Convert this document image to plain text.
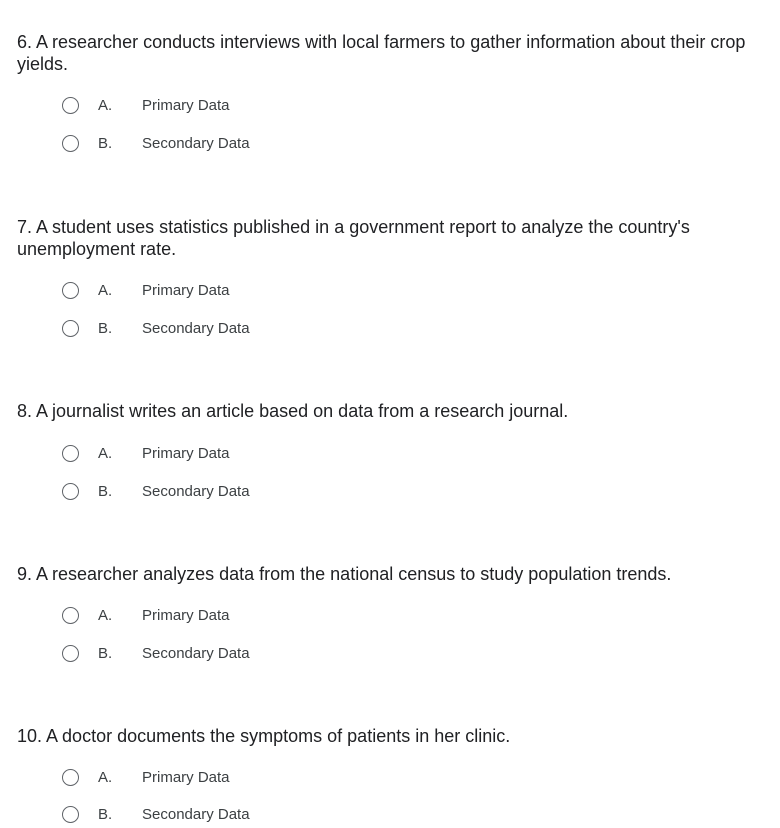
6. A researcher conducts interviews with local farmers to gather information about their crop yields.

A. Primary Data
B. Secondary Data

7. A student uses statistics published in a government report to analyze the country's unemployment rate.

A. Primary Data
B. Secondary Data

8. A journalist writes an article based on data from a research journal.

A. Primary Data
B. Secondary Data

9. A researcher analyzes data from the national census to study population trends.

A. Primary Data
B. Secondary Data

10. A doctor documents the symptoms of patients in her clinic.

A. Primary Data
B. Secondary Data
